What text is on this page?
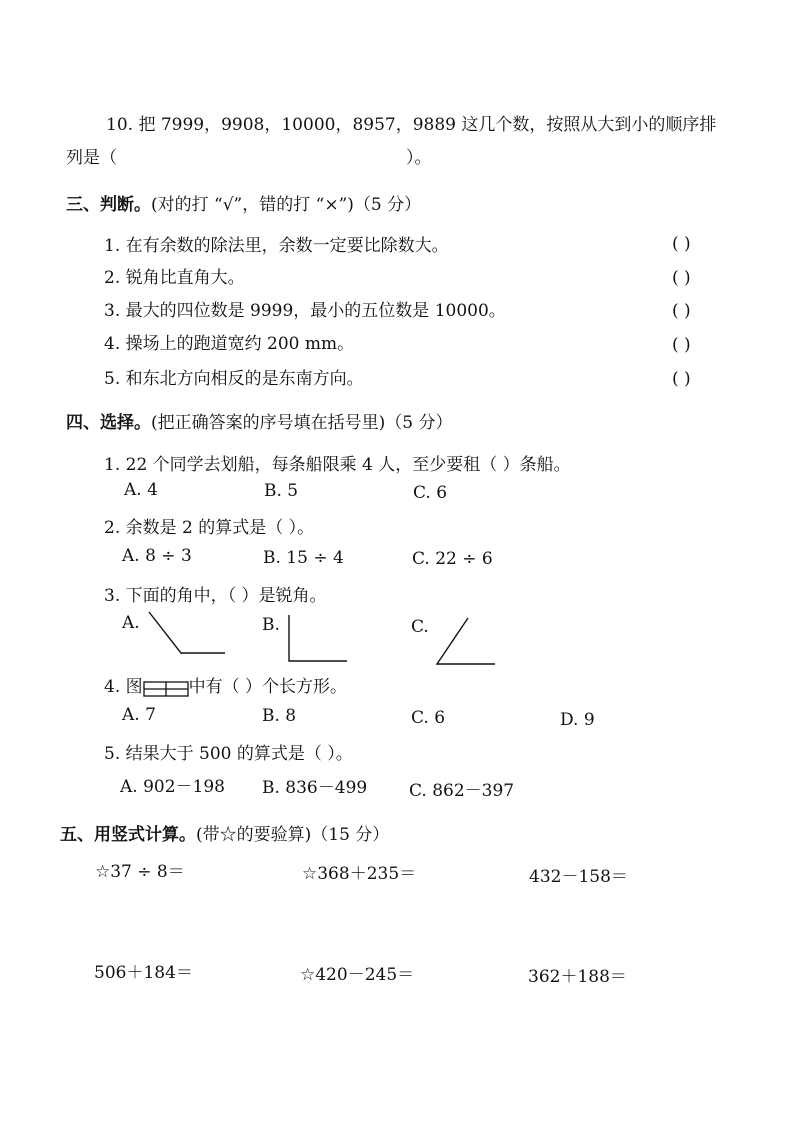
10. 把 7999，9908，10000，8957，9889 这几个数，按照从大到小的顺序排
列是（	）。
三、判断。(对的打 “√”，错的打 “×”)（5 分）
1. 在有余数的除法里，余数一定要比除数大。	( )
2. 锐角比直角大。	( )
3. 最大的四位数是 9999，最小的五位数是 10000。	( )
4. 操场上的跑道宽约 200 mm。	( )
5. 和东北方向相反的是东南方向。	( )
四、选择。(把正确答案的序号填在括号里)（5 分）
1. 22 个同学去划船，每条船限乘 4 人，至少要租（ ）条船。
A. 4	B. 5	C. 6
2. 余数是 2 的算式是（ ）。
A. 8 ÷ 3	B. 15 ÷ 4	C. 22 ÷ 6
3. 下面的角中，（ ）是锐角。
A.	B.	C.
4. 图	中有（ ）个长方形。
A. 7	B. 8	C. 6	D. 9
5. 结果大于 500 的算式是（ ）。
A. 902－198 B. 836－499 C. 862－397
五、用竖式计算。(带☆的要验算)（15 分）
☆37 ÷ 8＝	☆368＋235＝	432－158＝
506＋184＝	☆420－245＝	362＋188＝
